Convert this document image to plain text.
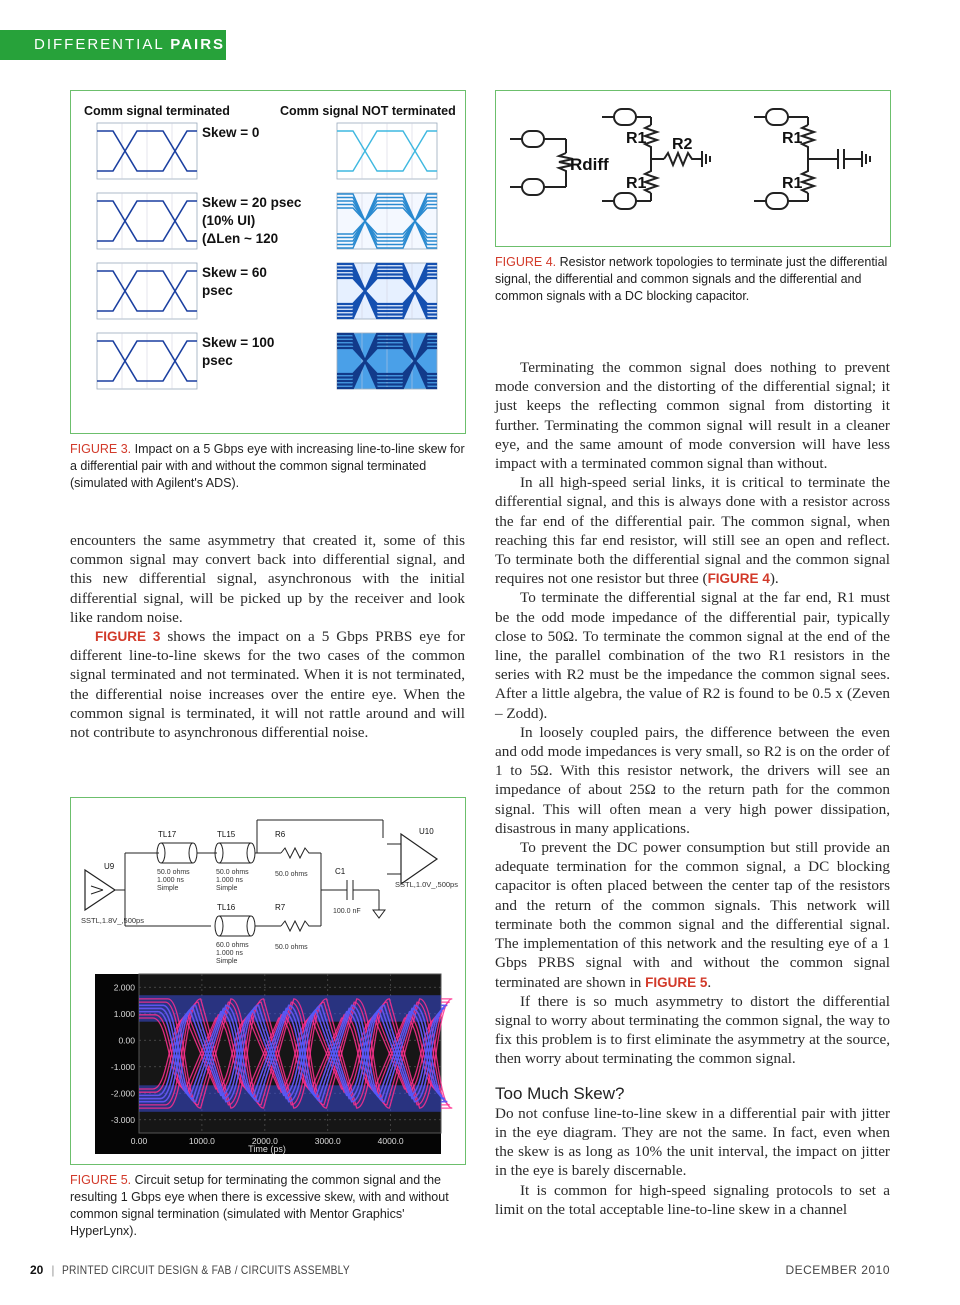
DIFFERENTIAL PAIRS
Comm signal terminated	Comm signal NOT terminated
Skew = 0
Skew = 20 psec
(10% UI)
(ΔLen ~ 120
Skew = 60
psec
Skew = 100
psec
FIGURE 3. Impact on a 5 Gbps eye with increasing line-to-line skew for a differential pair with and without the common signal terminated (simulated with Agilent's ADS).
Rdiff
R1
R1
R2	R1
R1
FIGURE 4. Resistor network topologies to terminate just the differential signal, the differential and common signals and the differential and common signals with a DC blocking capacitor.

encounters the same asymmetry that created it, some of this common signal may convert back into differential signal, and this new differential signal, asynchronous with the initial differential signal, will be picked up by the receiver and look like random noise.

FIGURE 3 shows the impact on a 5 Gbps PRBS eye for different line-to-line skews for the two cases of the common signal terminated and not terminated. When it is not terminated, the differential noise increases over the entire eye. When the common signal is terminated, it will not rattle around and will not contribute to asynchronous differential noise.

U9
SSTL,1.8V_,500ps
TL17
50.0 ohms
1.000 ns
Simple
TL15
50.0 ohms
1.000 ns
Simple
TL16
60.0 ohms
1.000 ns
Simple
R6
50.0 ohms
R7
50.0 ohms
C1
100.0 nF
U10
SSTL,1.0V_,500ps
2.000
1.000
0.00
-1.000
-2.000
-3.000
0.00	1000.0	2000.0	3000.0	4000.0
Time (ps)
FIGURE 5. Circuit setup for terminating the common signal and the resulting 1 Gbps eye when there is excessive skew, with and without common signal termination (simulated with Mentor Graphics' HyperLynx).

Terminating the common signal does nothing to prevent mode conversion and the distorting of the differential signal; it just keeps the reflecting common signal from distorting it further. Terminating the common signal will result in a cleaner eye, and the same amount of mode conversion will have less impact with a terminated common signal than without.

In all high-speed serial links, it is critical to terminate the differential signal, and this is always done with a resistor across the far end of the differential pair. The common signal, when reaching this far end resistor, will still see an open and reflect. To terminate both the differential signal and the common signal requires not one resistor but three (FIGURE 4).

To terminate the differential signal at the far end, R1 must be the odd mode impedance of the differential pair, typically close to 50Ω. To terminate the common signal at the end of the line, the parallel combination of the two R1 resistors in the series with R2 must be the impedance the common signal sees. After a little algebra, the value of R2 is found to be 0.5 x (Zeven – Zodd).

In loosely coupled pairs, the difference between the even and odd mode impedances is very small, so R2 is on the order of 1 to 5Ω. With this resistor network, the drivers will see an impedance of about 25Ω to the return path for the common signal. This will often mean a very high power dissipation, disastrous in many applications.

To prevent the DC power consumption but still provide an adequate termination for the common signal, a DC blocking capacitor is often placed between the center tap of the resistors and the return of the common signals. This network will terminate both the common signal and the differential signal. The implementation of this network and the resulting eye of a 1 Gbps PRBS signal with and without the common signal terminated are shown in FIGURE 5.

If there is so much asymmetry to distort the differential signal to worry about terminating the common signal, the way to fix this problem is to first eliminate the asymmetry at the source, then worry about terminating the common signal.

Too Much Skew?

Do not confuse line-to-line skew in a differential pair with jitter in the eye diagram. They are not the same. In fact, even when the skew is as long as 10% the unit interval, the impact on jitter in the eye is barely discernable.

It is common for high-speed signaling protocols to set a limit on the total acceptable line-to-line skew in a channel

20 | PRINTED CIRCUIT DESIGN & FAB / CIRCUITS ASSEMBLY	DECEMBER 2010
